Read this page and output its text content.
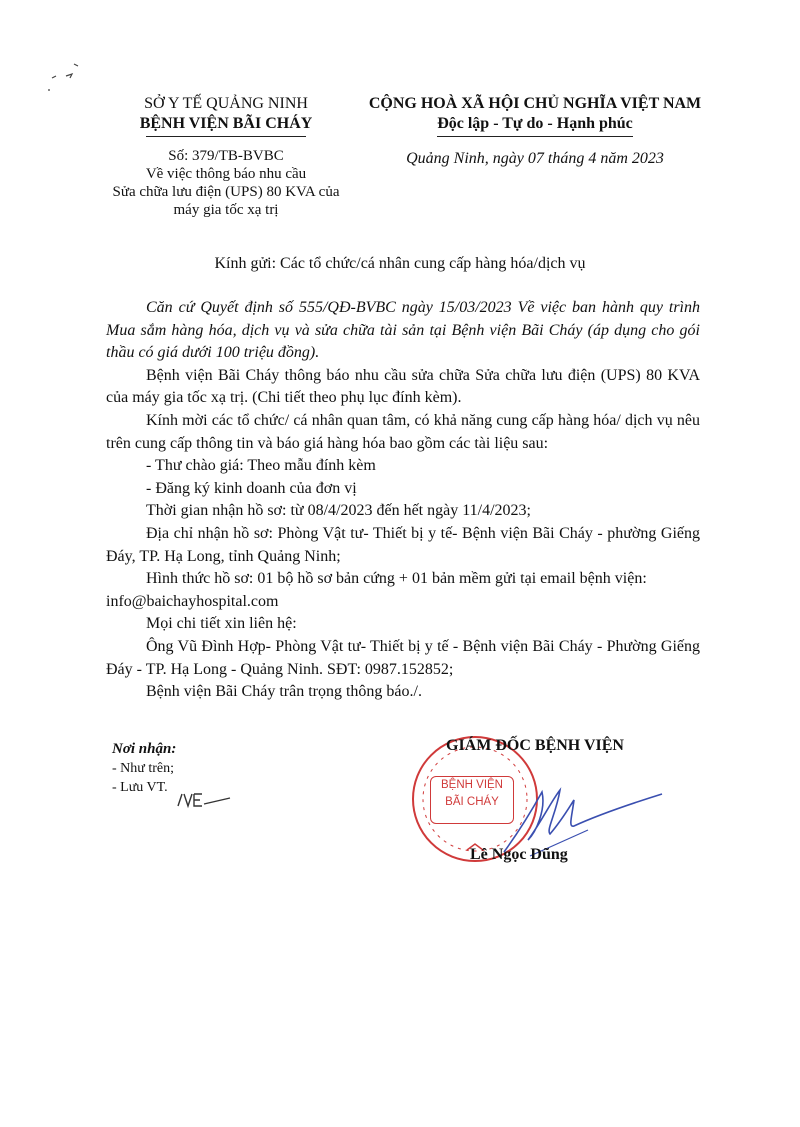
SỞ Y TẾ QUẢNG NINH
BỆNH VIỆN BÃI CHÁY
Số: 379/TB-BVBC
Về việc thông báo nhu cầu
Sửa chữa lưu điện (UPS) 80 KVA của
máy gia tốc xạ trị
CỘNG HOÀ XÃ HỘI CHỦ NGHĨA VIỆT NAM
Độc lập - Tự do - Hạnh phúc
Quảng Ninh, ngày 07 tháng 4 năm 2023
Kính gửi: Các tổ chức/cá nhân cung cấp hàng hóa/dịch vụ

Căn cứ Quyết định số 555/QĐ-BVBC ngày 15/03/2023 Về việc ban hành quy trình Mua sắm hàng hóa, dịch vụ và sửa chữa tài sản tại Bệnh viện Bãi Cháy (áp dụng cho gói thầu có giá dưới 100 triệu đồng).

Bệnh viện Bãi Cháy thông báo nhu cầu sửa chữa Sửa chữa lưu điện (UPS) 80 KVA của máy gia tốc xạ trị. (Chi tiết theo phụ lục đính kèm).

Kính mời các tổ chức/ cá nhân quan tâm, có khả năng cung cấp hàng hóa/ dịch vụ nêu trên cung cấp thông tin và báo giá hàng hóa bao gồm các tài liệu sau:

- Thư chào giá: Theo mẫu đính kèm

- Đăng ký kinh doanh của đơn vị

Thời gian nhận hồ sơ: từ 08/4/2023 đến hết ngày 11/4/2023;

Địa chỉ nhận hồ sơ: Phòng Vật tư- Thiết bị y tế- Bệnh viện Bãi Cháy - phường Giếng Đáy, TP. Hạ Long, tỉnh Quảng Ninh;

Hình thức hồ sơ: 01 bộ hồ sơ bản cứng + 01 bản mềm gửi tại email bệnh viện:

info@baichayhospital.com

Mọi chi tiết xin liên hệ:

Ông Vũ Đình Hợp- Phòng Vật tư- Thiết bị y tế - Bệnh viện Bãi Cháy - Phường Giếng Đáy - TP. Hạ Long - Quảng Ninh. SĐT: 0987.152852;

Bệnh viện Bãi Cháy trân trọng thông báo./.

Nơi nhận:
- Như trên;
- Lưu VT.	BỆNH VIỆN
BÃI CHÁY
GIÁM ĐỐC BỆNH VIỆN
Lê Ngọc Dũng
